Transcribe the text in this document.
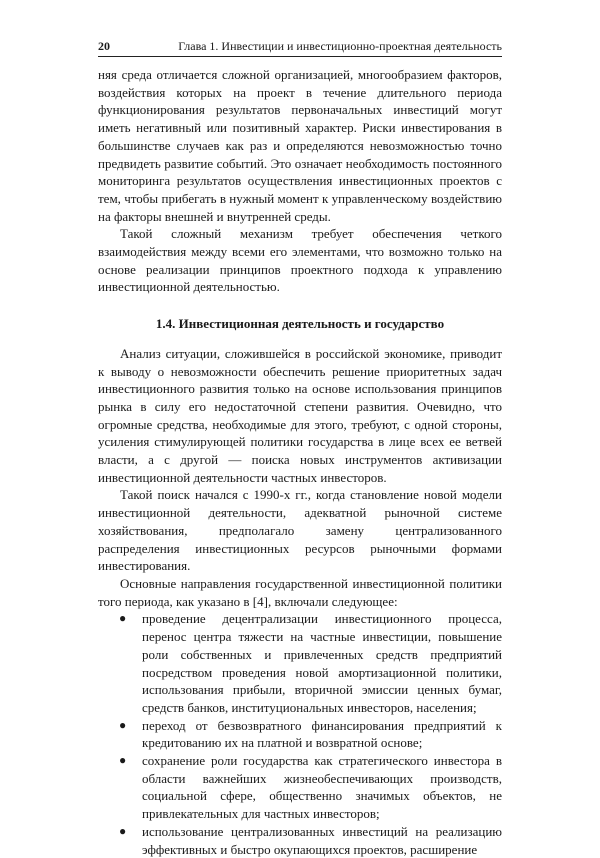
20	Глава 1. Инвестиции и инвестиционно-проектная деятельность

няя среда отличается сложной организацией, многообразием факторов, воздействия которых на проект в течение длительного периода функционирования результатов первоначальных инвестиций могут иметь негативный или позитивный характер. Риски инвестирования в большинстве случаев как раз и определяются невозможностью точно предвидеть развитие событий. Это означает необходимость постоянного мониторинга результатов осуществления инвестиционных проектов с тем, чтобы прибегать в нужный момент к управленческому воздействию на факторы внешней и внутренней среды.

Такой сложный механизм требует обеспечения четкого взаимодействия между всеми его элементами, что возможно только на основе реализации принципов проектного подхода к управлению инвестиционной деятельностью.

1.4. Инвестиционная деятельность и государство

Анализ ситуации, сложившейся в российской экономике, приводит к выводу о невозможности обеспечить решение приоритетных задач инвестиционного развития только на основе использования принципов рынка в силу его недостаточной степени развития. Очевидно, что огромные средства, необходимые для этого, требуют, с одной стороны, усиления стимулирующей политики государства в лице всех ее ветвей власти, а с другой — поиска новых инструментов активизации инвестиционной деятельности частных инвесторов.

Такой поиск начался с 1990-х гг., когда становление новой модели инвестиционной деятельности, адекватной рыночной системе хозяйствования, предполагало замену централизованного распределения инвестиционных ресурсов рыночными формами инвестирования.

Основные направления государственной инвестиционной политики того периода, как указано в [4], включали следующее:

● проведение децентрализации инвестиционного процесса, перенос центра тяжести на частные инвестиции, повышение роли собственных и привлеченных средств предприятий посредством проведения новой амортизационной политики, использования прибыли, вторичной эмиссии ценных бумаг, средств банков, институциональных инвесторов, населения;
● переход от безвозвратного финансирования предприятий к кредитованию их на платной и возвратной основе;
● сохранение роли государства как стратегического инвестора в области важнейших жизнеобеспечивающих производств, социальной сфере, общественно значимых объектов, не привлекательных для частных инвесторов;
● использование централизованных инвестиций на реализацию эффективных и быстро окупающихся проектов, расширение
